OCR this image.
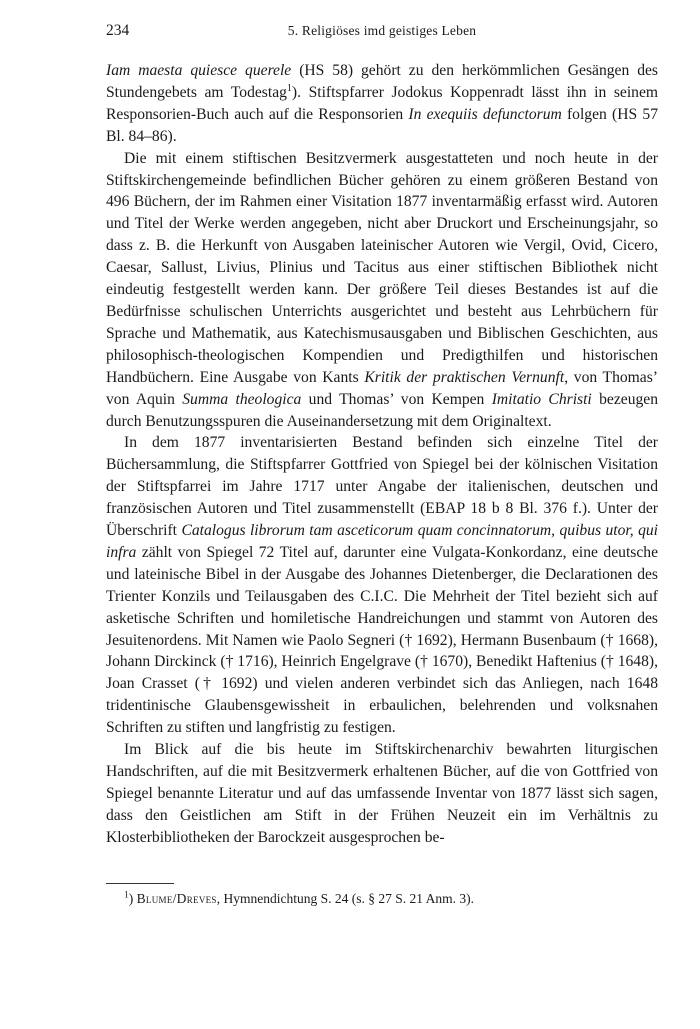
234	5. Religiöses imd geistiges Leben

Iam maesta quiesce querele (HS 58) gehört zu den herkömmlichen Gesängen des Stundengebets am Todestag$^1$). Stiftspfarrer Jodokus Koppenradt lässt ihn in seinem Responsorien-Buch auch auf die Responsorien In exequiis defunctorum folgen (HS 57 Bl. 84–86).

Die mit einem stiftischen Besitzvermerk ausgestatteten und noch heute in der Stiftskirchengemeinde befindlichen Bücher gehören zu einem größeren Bestand von 496 Büchern, der im Rahmen einer Visitation 1877 inventarmäßig erfasst wird. Autoren und Titel der Werke werden angegeben, nicht aber Druckort und Erscheinungsjahr, so dass z. B. die Herkunft von Ausgaben lateinischer Autoren wie Vergil, Ovid, Cicero, Caesar, Sallust, Livius, Plinius und Tacitus aus einer stiftischen Bibliothek nicht eindeutig festgestellt werden kann. Der größere Teil dieses Bestandes ist auf die Bedürfnisse schulischen Unterrichts ausgerichtet und besteht aus Lehrbüchern für Sprache und Mathematik, aus Katechismusausgaben und Biblischen Geschichten, aus philosophisch-theologischen Kompendien und Predigthilfen und historischen Handbüchern. Eine Ausgabe von Kants Kritik der praktischen Vernunft, von Thomas’ von Aquin Summa theologica und Thomas’ von Kempen Imitatio Christi bezeugen durch Benutzungsspuren die Auseinandersetzung mit dem Originaltext.

In dem 1877 inventarisierten Bestand befinden sich einzelne Titel der Büchersammlung, die Stiftspfarrer Gottfried von Spiegel bei der kölnischen Visitation der Stiftspfarrei im Jahre 1717 unter Angabe der italienischen, deutschen und französischen Autoren und Titel zusammenstellt (EBAP 18 b 8 Bl. 376 f.). Unter der Überschrift Catalogus librorum tam asceticorum quam concinnatorum, quibus utor, qui infra zählt von Spiegel 72 Titel auf, darunter eine Vulgata-Konkordanz, eine deutsche und lateinische Bibel in der Ausgabe des Johannes Dietenberger, die Declarationen des Trienter Konzils und Teilausgaben des C.I.C. Die Mehrheit der Titel bezieht sich auf asketische Schriften und homiletische Handreichungen und stammt von Autoren des Jesuitenordens. Mit Namen wie Paolo Segneri († 1692), Hermann Busenbaum († 1668), Johann Dirckinck († 1716), Heinrich Engelgrave († 1670), Benedikt Haftenius († 1648), Joan Crasset († 1692) und vielen anderen verbindet sich das Anliegen, nach 1648 tridentinische Glaubensgewissheit in erbaulichen, belehrenden und volksnahen Schriften zu stiften und langfristig zu festigen.

Im Blick auf die bis heute im Stiftskirchenarchiv bewahrten liturgischen Handschriften, auf die mit Besitzvermerk erhaltenen Bücher, auf die von Gottfried von Spiegel benannte Literatur und auf das umfassende Inventar von 1877 lässt sich sagen, dass den Geistlichen am Stift in der Frühen Neuzeit ein im Verhältnis zu Klosterbibliotheken der Barockzeit ausgesprochen be-

$^1$) Blume/Dreves, Hymnendichtung S. 24 (s. § 27 S. 21 Anm. 3).
